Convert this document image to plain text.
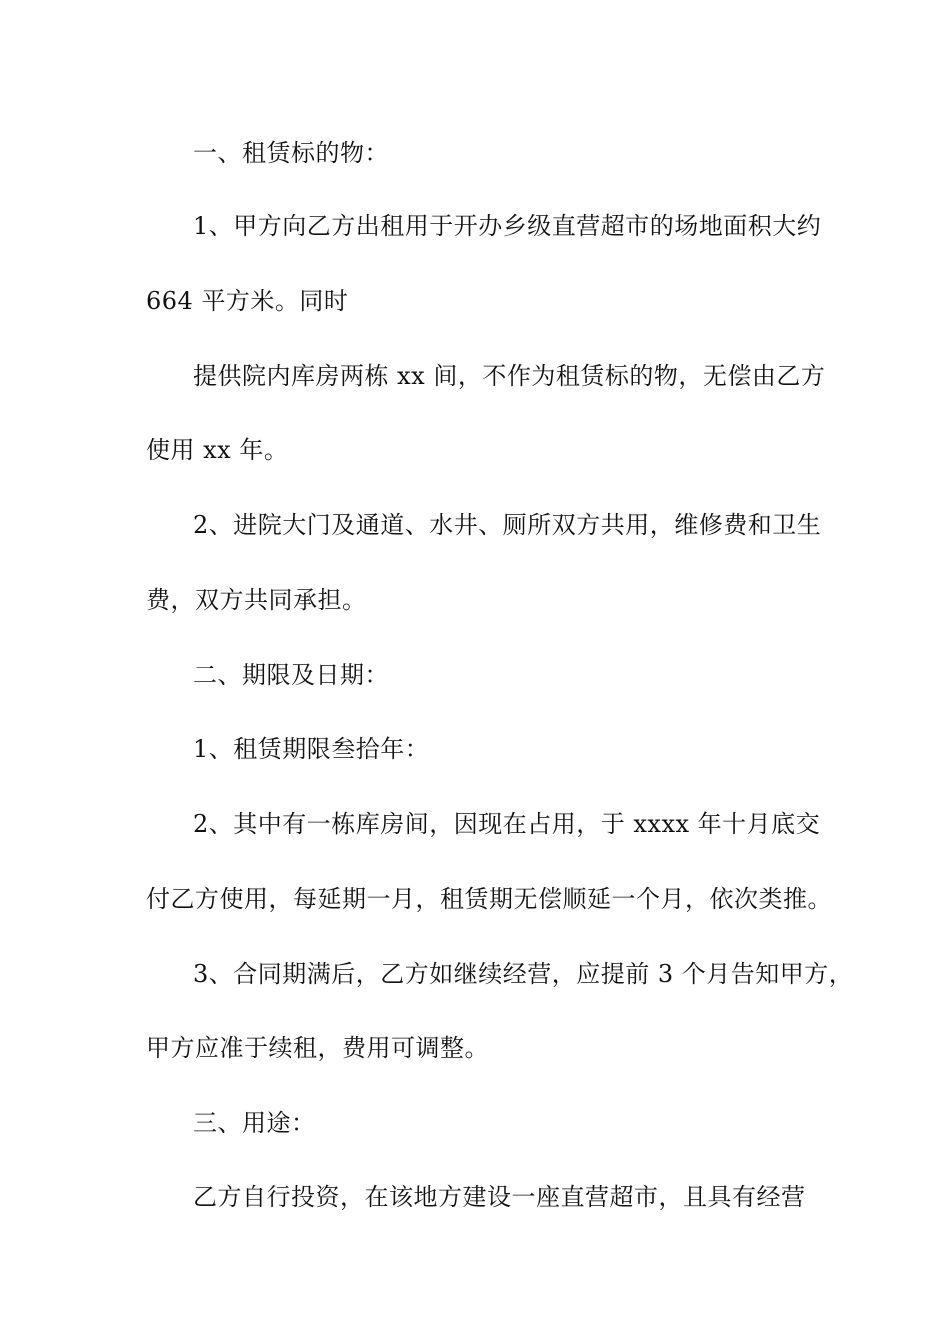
一、租赁标的物：
1、甲方向乙方出租用于开办乡级直营超市的场地面积大约
664 平方米。同时
提供院内库房两栋 xx 间，不作为租赁标的物，无偿由乙方
使用 xx 年。
2、进院大门及通道、水井、厕所双方共用，维修费和卫生
费，双方共同承担。
二、期限及日期：
1、租赁期限叁拾年：
2、其中有一栋库房间，因现在占用，于 xxxx 年十月底交
付乙方使用，每延期一月，租赁期无偿顺延一个月，依次类推。
3、合同期满后，乙方如继续经营，应提前 3 个月告知甲方，
甲方应准于续租，费用可调整。
三、用途：
乙方自行投资，在该地方建设一座直营超市，且具有经营
